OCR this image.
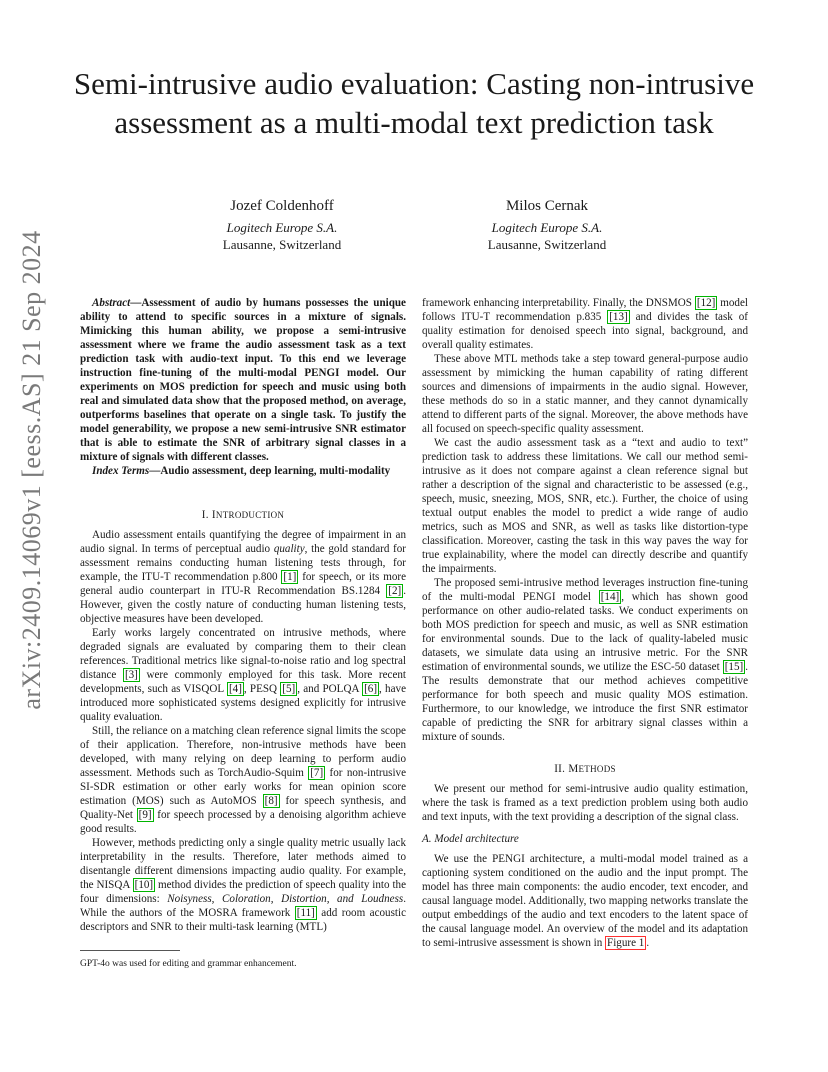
arXiv:2409.14069v1 [eess.AS] 21 Sep 2024
Semi-intrusive audio evaluation: Casting non-intrusive assessment as a multi-modal text prediction task
Jozef Coldenhoff
Logitech Europe S.A.
Lausanne, Switzerland
Milos Cernak
Logitech Europe S.A.
Lausanne, Switzerland

Abstract—Assessment of audio by humans possesses the unique ability to attend to specific sources in a mixture of signals. Mimicking this human ability, we propose a semi-intrusive assessment where we frame the audio assessment task as a text prediction task with audio-text input. To this end we leverage instruction fine-tuning of the multi-modal PENGI model. Our experiments on MOS prediction for speech and music using both real and simulated data show that the proposed method, on average, outperforms baselines that operate on a single task. To justify the model generability, we propose a new semi-intrusive SNR estimator that is able to estimate the SNR of arbitrary signal classes in a mixture of signals with different classes.

Index Terms—Audio assessment, deep learning, multi-modality

I. INTRODUCTION

Audio assessment entails quantifying the degree of impairment in an audio signal. In terms of perceptual audio quality, the gold standard for assessment remains conducting human listening tests through, for example, the ITU-T recommendation p.800 [1] for speech, or its more general audio counterpart in ITU-R Recommendation BS.1284 [2] . However, given the costly nature of conducting human listening tests, objective measures have been developed.

Early works largely concentrated on intrusive methods, where degraded signals are evaluated by comparing them to their clean references. Traditional metrics like signal-to-noise ratio and log spectral distance [3] were commonly employed for this task. More recent developments, such as VISQOL [4] , PESQ [5] , and POLQA [6] , have introduced more sophisticated systems designed explicitly for intrusive quality evaluation.

Still, the reliance on a matching clean reference signal limits the scope of their application. Therefore, non-intrusive methods have been developed, with many relying on deep learning to perform audio assessment. Methods such as TorchAudio-Squim [7] for non-intrusive SI-SDR estimation or other early works for mean opinion score estimation (MOS) such as AutoMOS [8] for speech synthesis, and Quality-Net [9] for speech processed by a denoising algorithm achieve good results.

However, methods predicting only a single quality metric usually lack interpretability in the results. Therefore, later methods aimed to disentangle different dimensions impacting audio quality. For example, the NISQA [10] method divides the prediction of speech quality into the four dimensions: Noisyness, Coloration, Distortion, and Loudness. While the authors of the MOSRA framework [11] add room acoustic descriptors and SNR to their multi-task learning (MTL)

GPT-4o was used for editing and grammar enhancement.

framework enhancing interpretability. Finally, the DNSMOS [12] model follows ITU-T recommendation p.835 [13] and divides the task of quality estimation for denoised speech into signal, background, and overall quality estimates.

These above MTL methods take a step toward general-purpose audio assessment by mimicking the human capability of rating different sources and dimensions of impairments in the audio signal. However, these methods do so in a static manner, and they cannot dynamically attend to different parts of the signal. Moreover, the above methods have all focused on speech-specific quality assessment.

We cast the audio assessment task as a “text and audio to text” prediction task to address these limitations. We call our method semi-intrusive as it does not compare against a clean reference signal but rather a description of the signal and characteristic to be assessed (e.g., speech, music, sneezing, MOS, SNR, etc.). Further, the choice of using textual output enables the model to predict a wide range of audio metrics, such as MOS and SNR, as well as tasks like distortion-type classification. Moreover, casting the task in this way paves the way for true explainability, where the model can directly describe and quantify the impairments.

The proposed semi-intrusive method leverages instruction fine-tuning of the multi-modal PENGI model [14] , which has shown good performance on other audio-related tasks. We conduct experiments on both MOS prediction for speech and music, as well as SNR estimation for environmental sounds. Due to the lack of quality-labeled music datasets, we simulate data using an intrusive metric. For the SNR estimation of environmental sounds, we utilize the ESC-50 dataset [15] . The results demonstrate that our method achieves competitive performance for both speech and music quality MOS estimation. Furthermore, to our knowledge, we introduce the first SNR estimator capable of predicting the SNR for arbitrary signal classes within a mixture of sounds.

II. METHODS

We present our method for semi-intrusive audio quality estimation, where the task is framed as a text prediction problem using both audio and text inputs, with the text providing a description of the signal class.

A. Model architecture

We use the PENGI architecture, a multi-modal model trained as a captioning system conditioned on the audio and the input prompt. The model has three main components: the audio encoder, text encoder, and causal language model. Additionally, two mapping networks translate the output embeddings of the audio and text encoders to the latent space of the causal language model. An overview of the model and its adaptation to semi-intrusive assessment is shown in Figure 1 .
